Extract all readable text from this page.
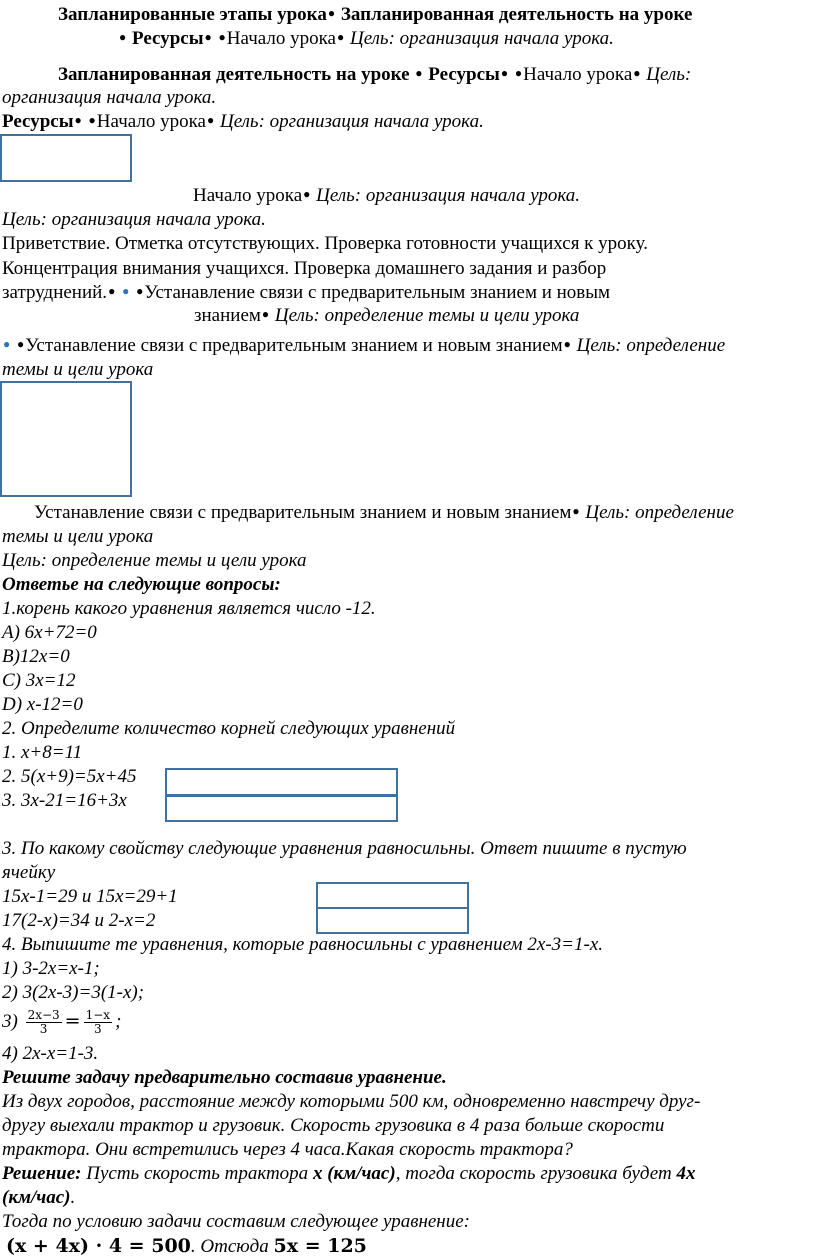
Запланированные этапы урока● Запланированная деятельность на уроке
● Ресурсы● ●Начало урока● Цель: организация начала урока.
Запланированная деятельность на уроке ● Ресурсы● ●Начало урока● Цель:
организация начала урока.
Ресурсы● ●Начало урока● Цель: организация начала урока.
Начало урока● Цель: организация начала урока.
Цель: организация начала урока.
Приветствие. Отметка отсутствующих. Проверка готовности учащихся к уроку.
Концентрация внимания учащихся. Проверка домашнего задания и разбор
затруднений.● ● ●Устанавление связи с предварительным знанием и новым
знанием● Цель: определение темы и цели урока
● ●Устанавление связи с предварительным знанием и новым знанием● Цель: определение
темы и цели урока
Устанавление связи с предварительным знанием и новым знанием● Цель: определение
темы и цели урока
Цель: определение темы и цели урока
Ответье на следующие вопросы:
1.корень какого уравнения является число -12.
A) 6x+72=0
B)12x=0
C) 3x=12
D) x-12=0
2. Определите количество корней следующих уравнений
1. x+8=11
2. 5(x+9)=5x+45
3. 3x-21=16+3x
3. По какому свойству следующие уравнения равносильны. Ответ пишите в пустую
ячейку
15x-1=29 и 15x=29+1
17(2-x)=34 и 2-x=2
4. Выпишите те уравнения, которые равносильны с уравнением 2x-3=1-x.
1) 3-2x=x-1;
2) 3(2x-3)=3(1-x);
$3) \frac{2x-3}{3} = \frac{1-x}{3}$ ;
4) 2x-x=1-3.
Решите задачу предварительно составив уравнение.
Из двух городов, расстояние между которыми 500 км, одновременно навстречу друг-
другу выехали трактор и грузовик. Скорость грузовика в 4 раза больше скорости
трактора. Они встретились через 4 часа.Какая скорость трактора?
Решение: Пусть скорость трактора x (км/час), тогда скорость грузовика будет 4x
(км/час).
Тогда по условию задачи составим следующее уравнение:
(x + 4x) · 4 = 500. Отсюда 5x = 125
